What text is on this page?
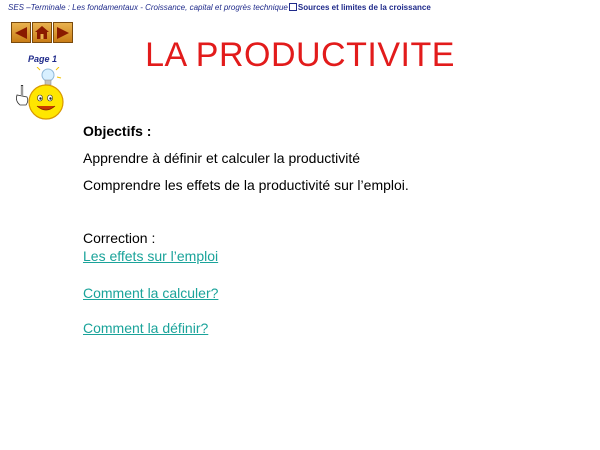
SES –Terminale : Les fondamentaux - Croissance, capital et progrès technique Sources et limites de la croissance
Page 1	LA PRODUCTIVITE
Objectifs :
Apprendre à définir et calculer la productivité
Comprendre les effets de la productivité sur l’emploi.
Correction :
Les effets sur l’emploi
Comment la calculer?
Comment la définir?
